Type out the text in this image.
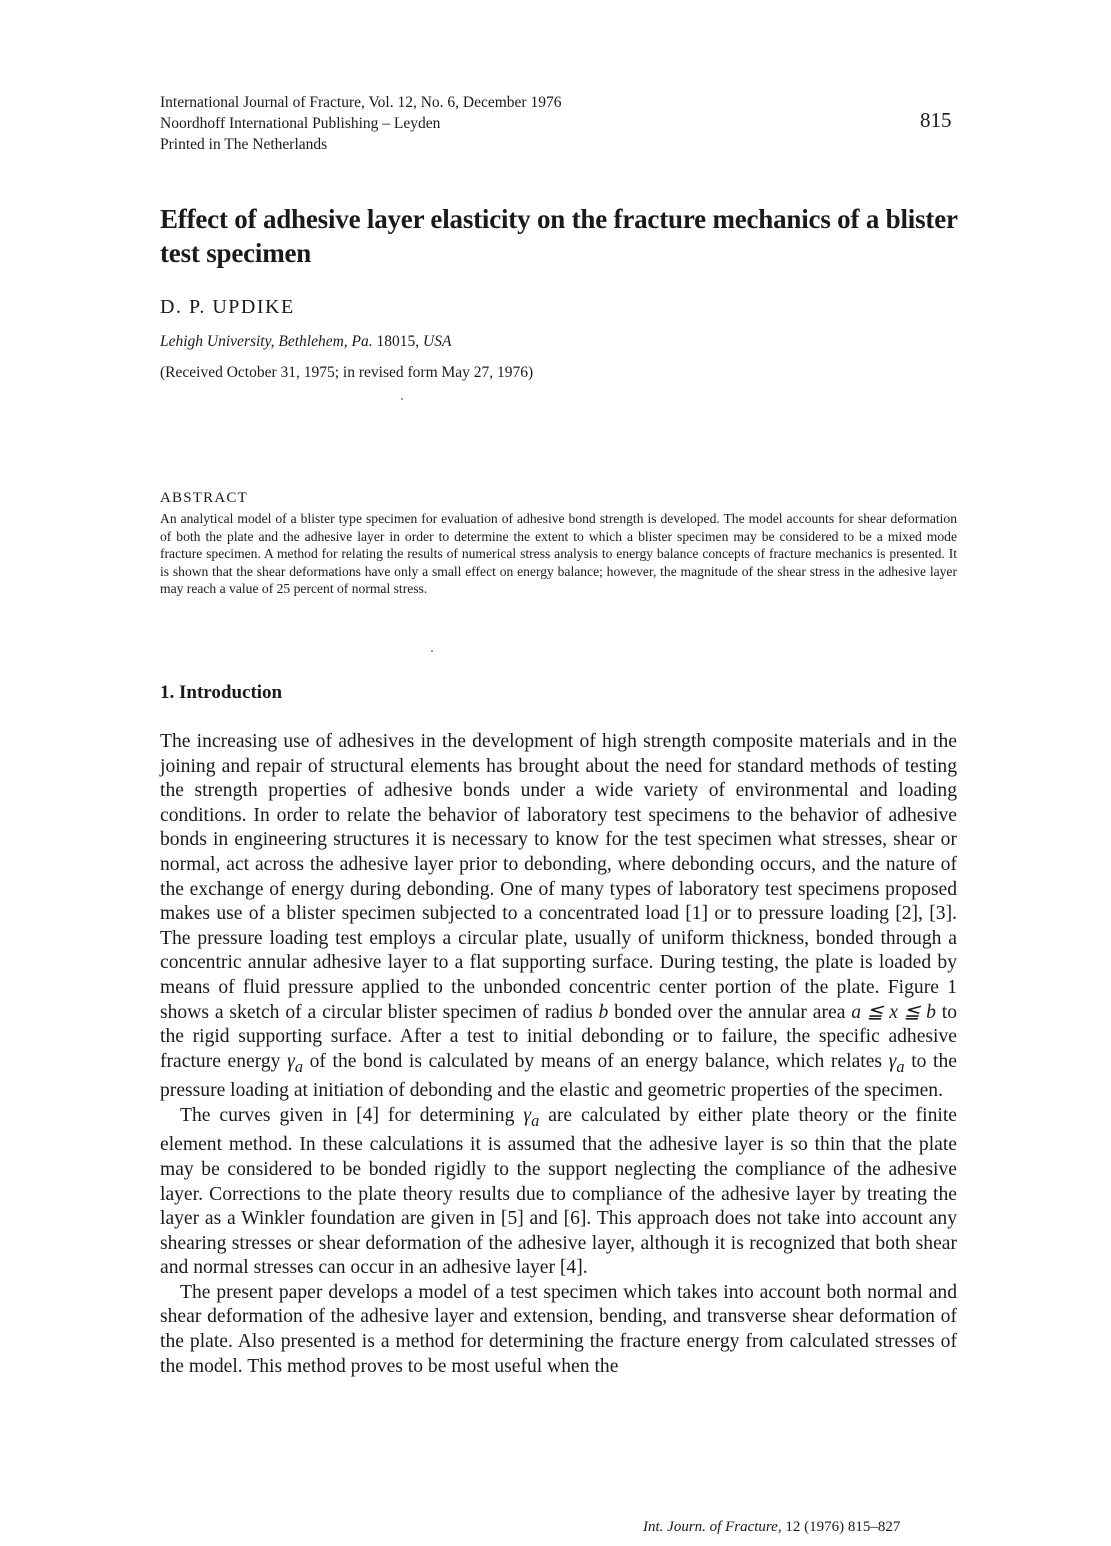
International Journal of Fracture, Vol. 12, No. 6, December 1976
Noordhoff International Publishing – Leyden
Printed in The Netherlands
815
Effect of adhesive layer elasticity on the fracture mechanics of a blister test specimen
D. P. UPDIKE
Lehigh University, Bethlehem, Pa. 18015, USA
(Received October 31, 1975; in revised form May 27, 1976)
ABSTRACT

An analytical model of a blister type specimen for evaluation of adhesive bond strength is developed. The model accounts for shear deformation of both the plate and the adhesive layer in order to determine the extent to which a blister specimen may be considered to be a mixed mode fracture specimen. A method for relating the results of numerical stress analysis to energy balance concepts of fracture mechanics is presented. It is shown that the shear deformations have only a small effect on energy balance; however, the magnitude of the shear stress in the adhesive layer may reach a value of 25 percent of normal stress.

1. Introduction

The increasing use of adhesives in the development of high strength composite materials and in the joining and repair of structural elements has brought about the need for standard methods of testing the strength properties of adhesive bonds under a wide variety of environmental and loading conditions. In order to relate the behavior of laboratory test specimens to the behavior of adhesive bonds in engineering structures it is necessary to know for the test specimen what stresses, shear or normal, act across the adhesive layer prior to debonding, where debonding occurs, and the nature of the exchange of energy during debonding. One of many types of laboratory test specimens proposed makes use of a blister specimen subjected to a concentrated load [1] or to pressure loading [2], [3]. The pressure loading test employs a circular plate, usually of uniform thickness, bonded through a concentric annular adhesive layer to a flat supporting surface. During testing, the plate is loaded by means of fluid pressure applied to the unbonded concentric center portion of the plate. Figure 1 shows a sketch of a circular blister specimen of radius b bonded over the annular area a ≦ x ≦ b to the rigid supporting surface. After a test to initial debonding or to failure, the specific adhesive fracture energy $\gamma_a$ of the bond is calculated by means of an energy balance, which relates $\gamma_a$ to the pressure loading at initiation of debonding and the elastic and geometric properties of the specimen.

The curves given in [4] for determining $\gamma_a$ are calculated by either plate theory or the finite element method. In these calculations it is assumed that the adhesive layer is so thin that the plate may be considered to be bonded rigidly to the support neglecting the compliance of the adhesive layer. Corrections to the plate theory results due to compliance of the adhesive layer by treating the layer as a Winkler foundation are given in [5] and [6]. This approach does not take into account any shearing stresses or shear deformation of the adhesive layer, although it is recognized that both shear and normal stresses can occur in an adhesive layer [4].

The present paper develops a model of a test specimen which takes into account both normal and shear deformation of the adhesive layer and extension, bending, and transverse shear deformation of the plate. Also presented is a method for determining the fracture energy from calculated stresses of the model. This method proves to be most useful when the

Int. Journ. of Fracture, 12 (1976) 815–827
